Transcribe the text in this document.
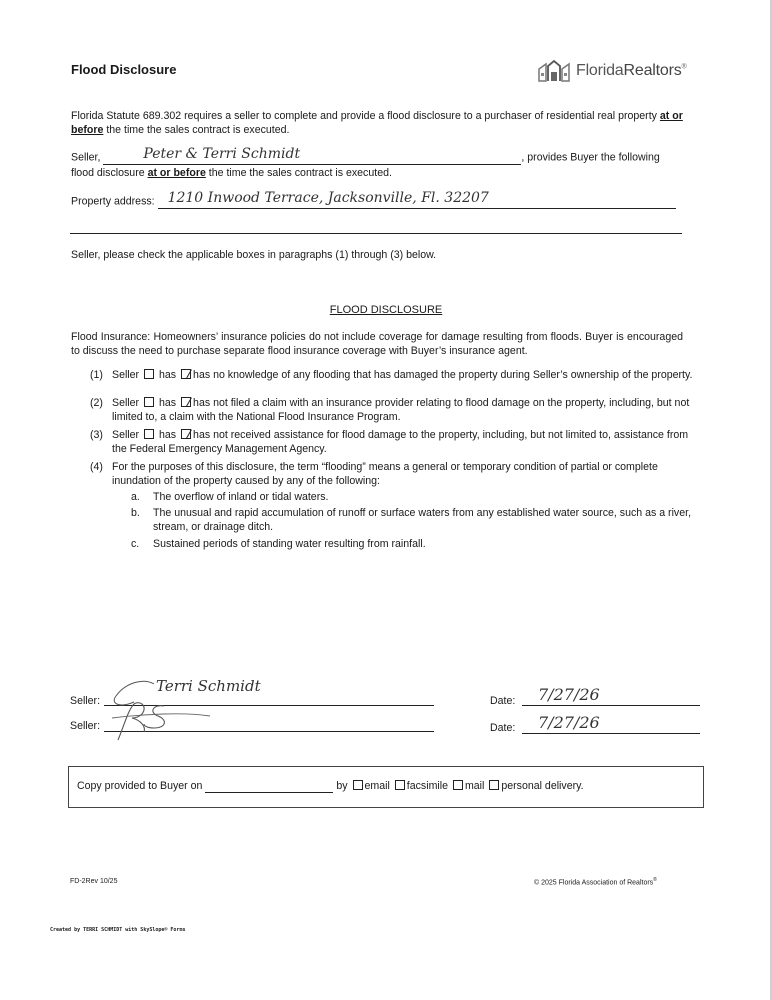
Flood Disclosure	FloridaRealtors®
Florida Statute 689.302 requires a seller to complete and provide a flood disclosure to a purchaser of residential real property at or before the time the sales contract is executed.
Seller,	Peter & Terri Schmidt	, provides Buyer the following
flood disclosure at or before the time the sales contract is executed.
Property address: 1210 Inwood Terrace, Jacksonville, Fl. 32207
Seller, please check the applicable boxes in paragraphs (1) through (3) below.
FLOOD DISCLOSURE
Flood Insurance: Homeowners’ insurance policies do not include coverage for damage resulting from floods. Buyer is encouraged to discuss the need to purchase separate flood insurance coverage with Buyer’s insurance agent.
(1) Seller has has no knowledge of any flooding that has damaged the property during Seller’s ownership of the property.
(2) Seller has has not filed a claim with an insurance provider relating to flood damage on the property, including, but not limited to, a claim with the National Flood Insurance Program.
(3) Seller has has not received assistance for flood damage to the property, including, but not limited to, assistance from the Federal Emergency Management Agency.
(4) For the purposes of this disclosure, the term “flooding” means a general or temporary condition of partial or complete inundation of the property caused by any of the following:
a. The overflow of inland or tidal waters.
b. The unusual and rapid accumulation of runoff or surface waters from any established water source, such as a river, stream, or drainage ditch.
c. Sustained periods of standing water resulting from rainfall.
Seller:
Terri Schmidt
Seller:
Date: 7/27/26
Date: 7/27/26
Copy provided to Buyer on	by email facsimile mail personal delivery.
FD-2Rev 10/25	© 2025 Florida Association of Realtors®
Created by TERRI SCHMIDT with SkySlope® Forms
